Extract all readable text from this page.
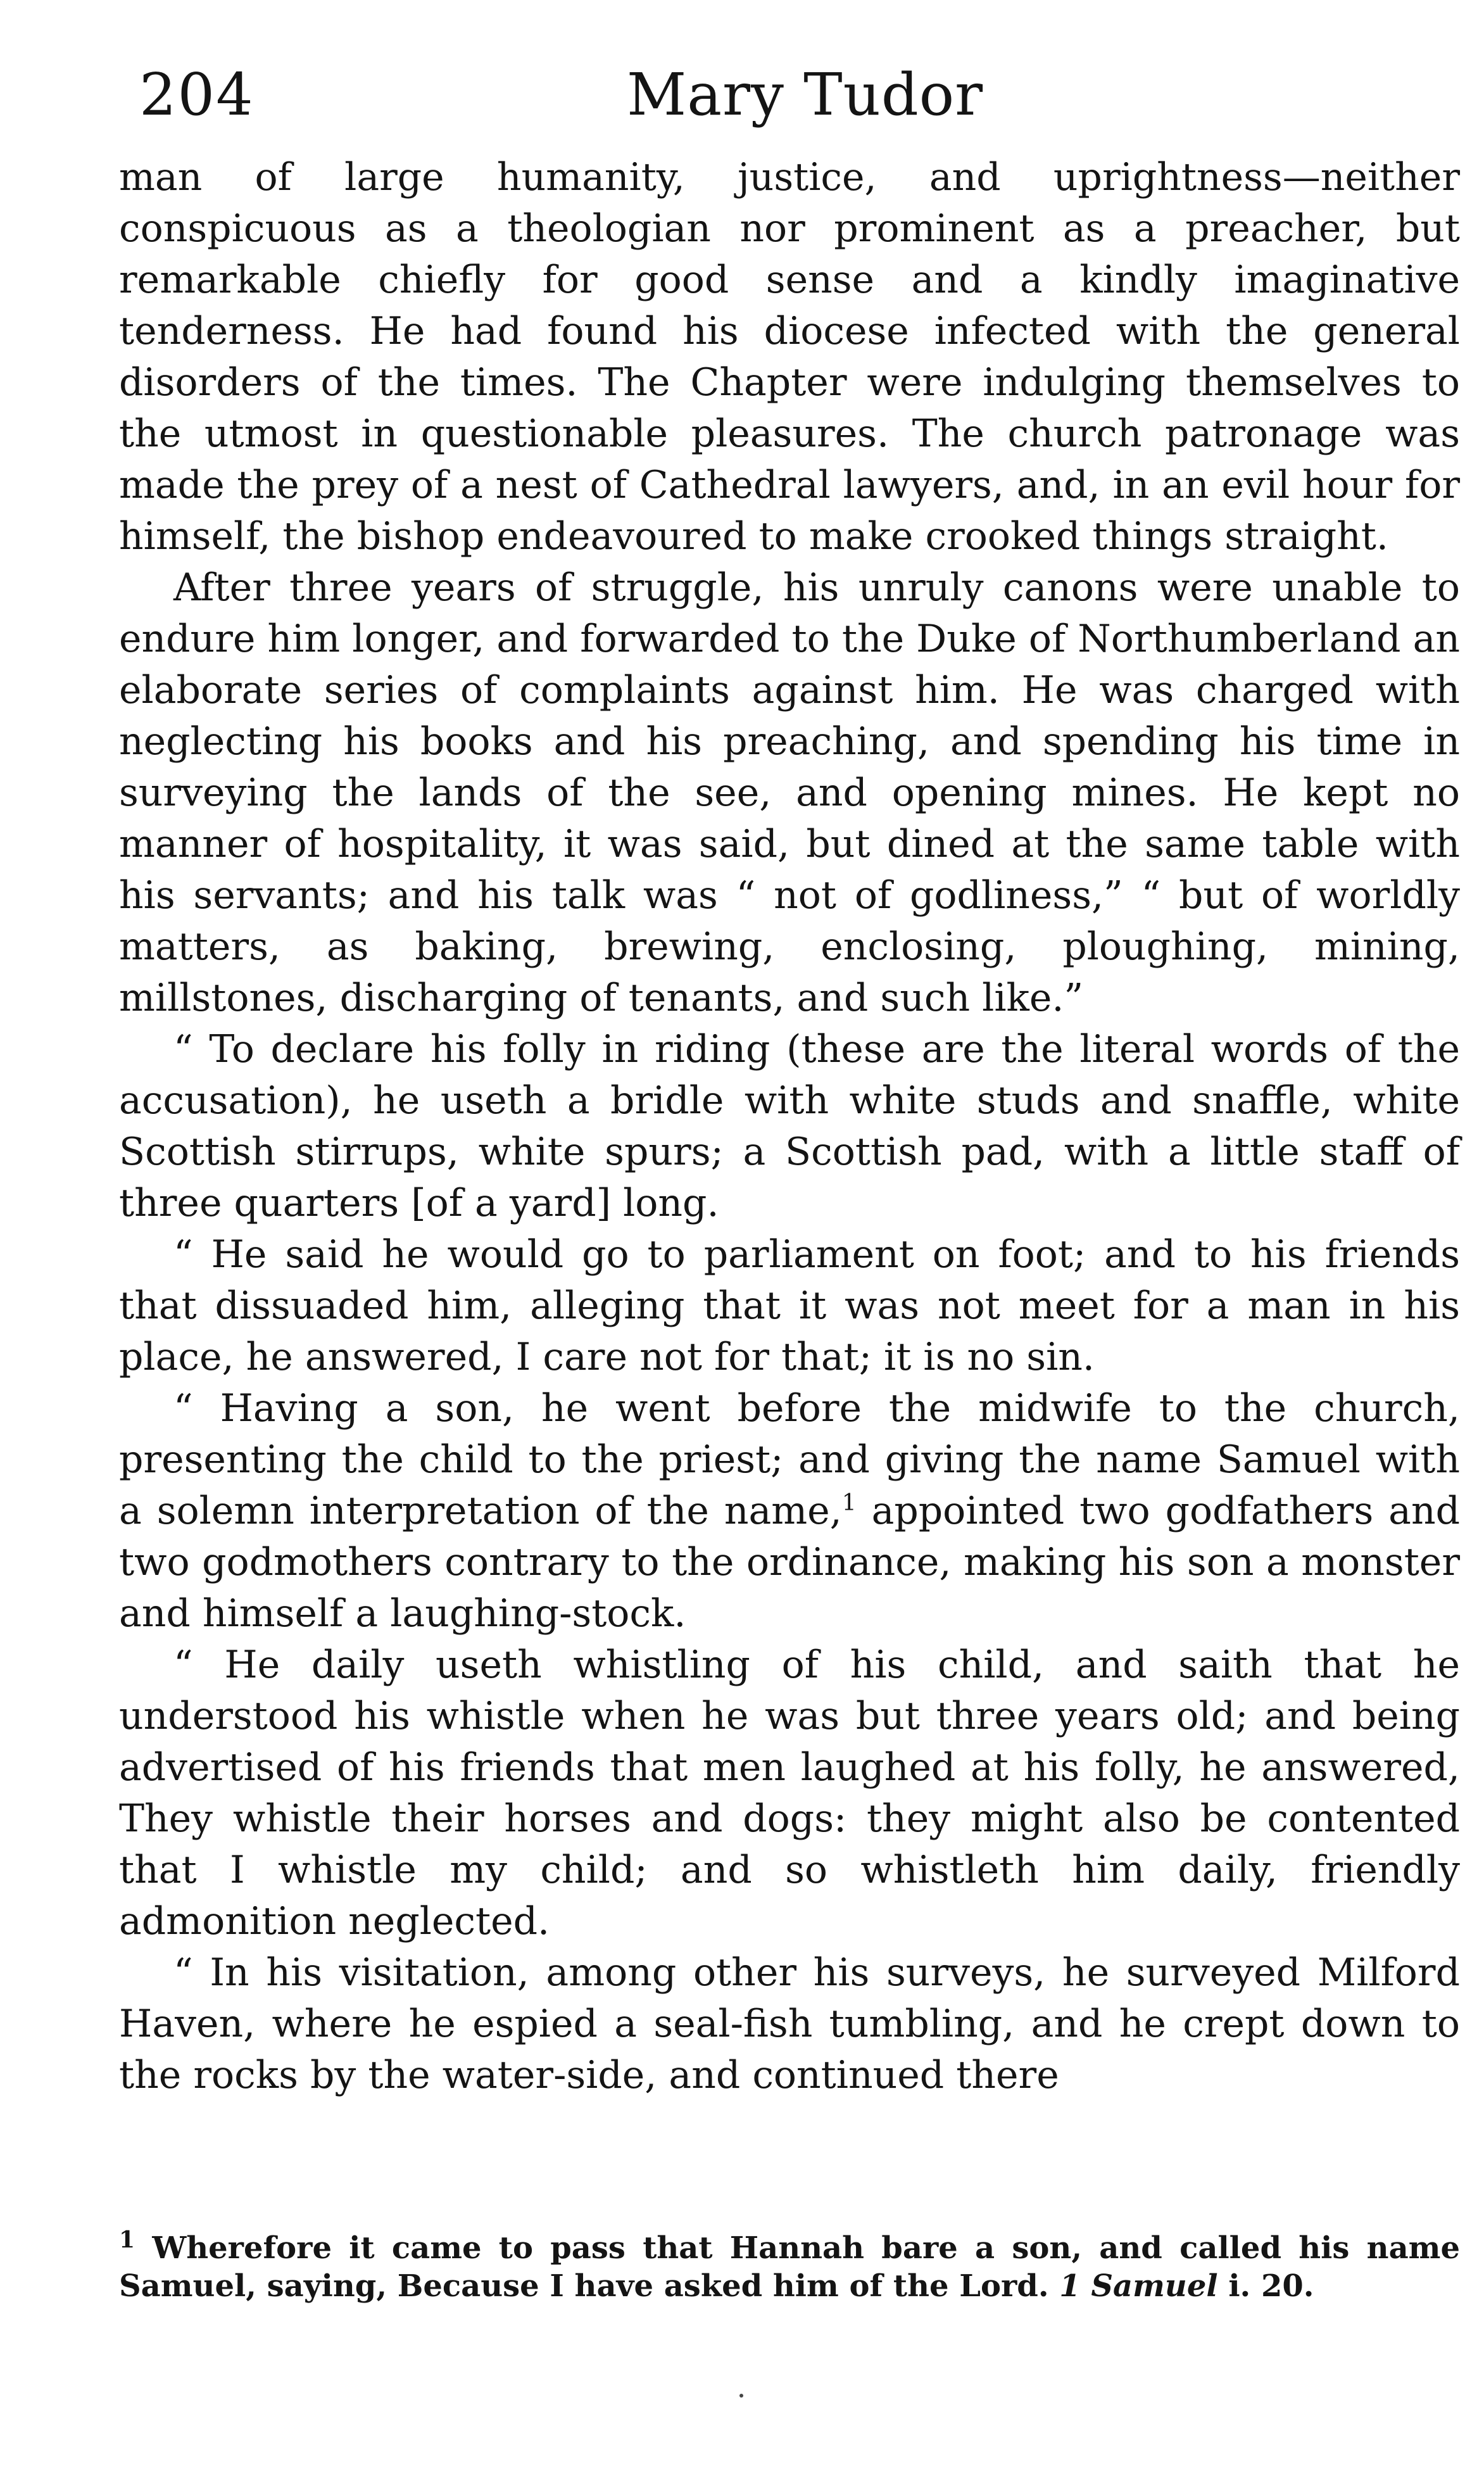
204	Mary Tudor

man of large humanity, justice, and uprightness—neither conspicuous as a theologian nor prominent as a preacher, but remarkable chiefly for good sense and a kindly imaginative tenderness. He had found his diocese infected with the general disorders of the times. The Chapter were indulging themselves to the utmost in questionable pleasures. The church patronage was made the prey of a nest of Cathedral lawyers, and, in an evil hour for himself, the bishop endeavoured to make crooked things straight.

After three years of struggle, his unruly canons were unable to endure him longer, and forwarded to the Duke of Northumberland an elaborate series of complaints against him. He was charged with neglecting his books and his preaching, and spending his time in surveying the lands of the see, and opening mines. He kept no manner of hospitality, it was said, but dined at the same table with his servants; and his talk was “ not of godliness,” “ but of worldly matters, as baking, brewing, enclosing, ploughing, mining, millstones, discharging of tenants, and such like.”

“ To declare his folly in riding (these are the literal words of the accusation), he useth a bridle with white studs and snaffle, white Scottish stirrups, white spurs; a Scottish pad, with a little staff of three quarters [of a yard] long.

“ He said he would go to parliament on foot; and to his friends that dissuaded him, alleging that it was not meet for a man in his place, he answered, I care not for that; it is no sin.

“ Having a son, he went before the midwife to the church, presenting the child to the priest; and giving the name Samuel with a solemn interpretation of the name,$^1$ appointed two godfathers and two godmothers contrary to the ordinance, making his son a monster and himself a laughing-stock.

“ He daily useth whistling of his child, and saith that he understood his whistle when he was but three years old; and being advertised of his friends that men laughed at his folly, he answered, They whistle their horses and dogs: they might also be contented that I whistle my child; and so whistleth him daily, friendly admonition neglected.

“ In his visitation, among other his surveys, he surveyed Milford Haven, where he espied a seal-fish tumbling, and he crept down to the rocks by the water-side, and continued there

$^1$ Wherefore it came to pass that Hannah bare a son, and called his name Samuel, saying, Because I have asked him of the Lord. 1 Samuel i. 20.
